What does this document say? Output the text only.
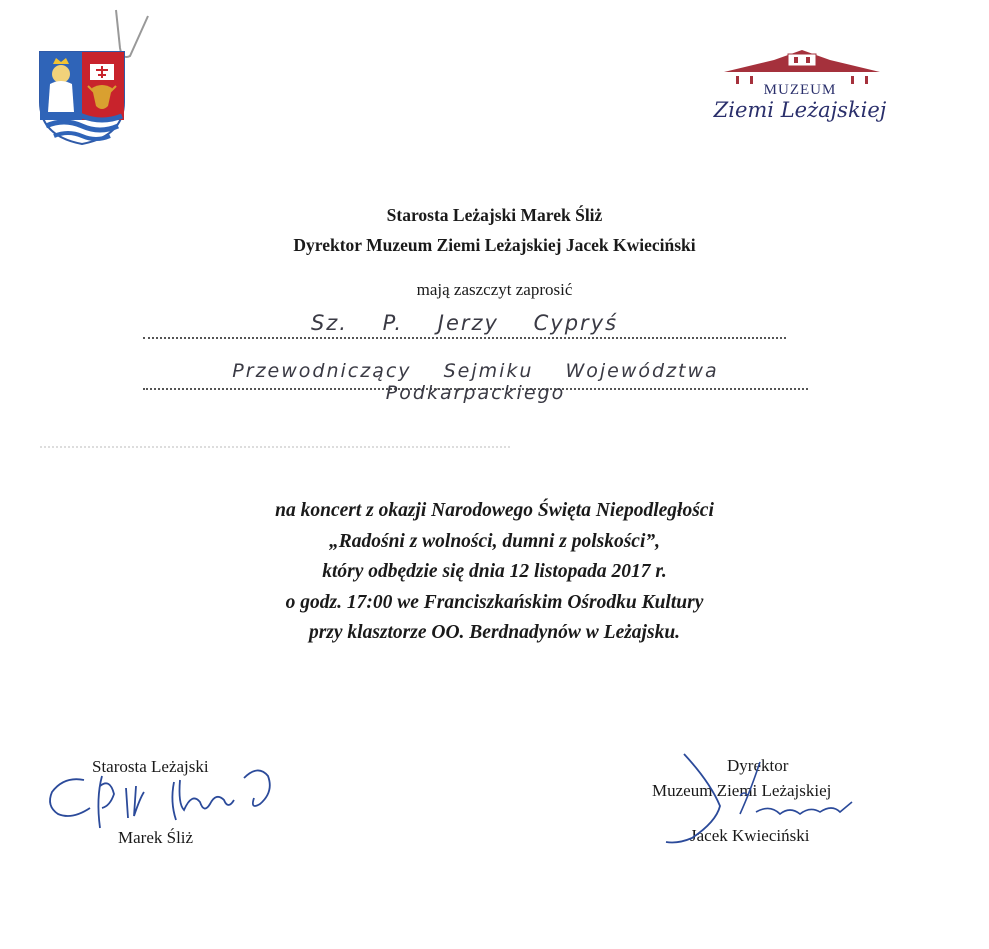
MUZEUM
Ziemi Leżajskiej
Starosta Leżajski Marek Śliż
Dyrektor Muzeum Ziemi Leżajskiej Jacek Kwieciński
mają zaszczyt zaprosić
Sz. P. Jerzy Cypryś
Przewodniczący Sejmiku Województwa Podkarpackiego
na koncert z okazji Narodowego Święta Niepodległości
„Radośni z wolności, dumni z polskości”,
który odbędzie się dnia 12 listopada 2017 r.
o godz. 17:00 we Franciszkańskim Ośrodku Kultury
przy klasztorze OO. Berdnadynów w Leżajsku.
Starosta Leżajski
Marek Śliż
Dyrektor
Muzeum Ziemi Leżajskiej
Jacek Kwieciński
